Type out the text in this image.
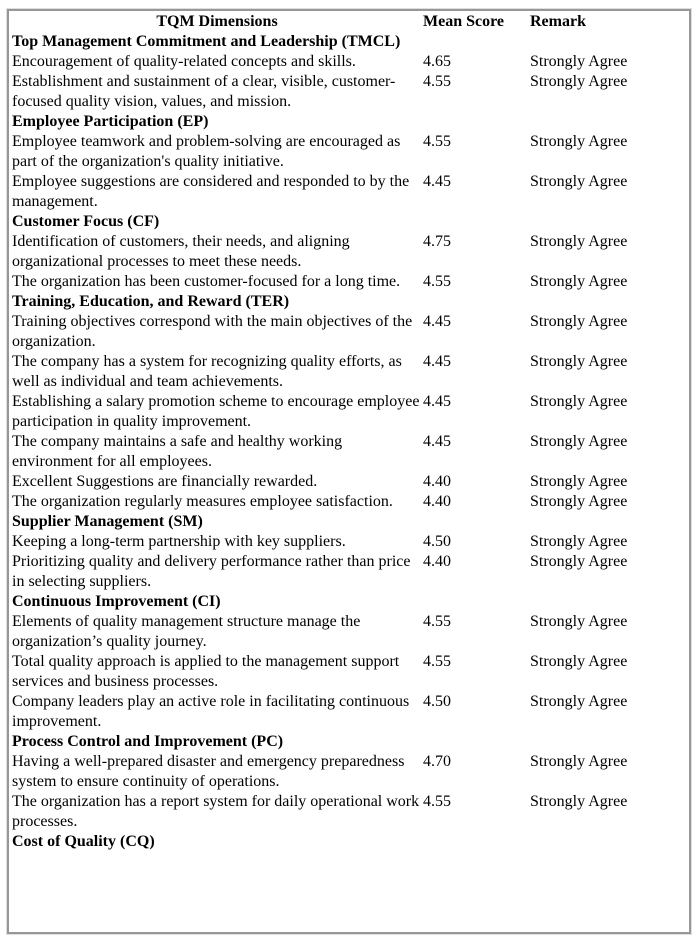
TQM Dimensions	Mean Score	Remark
Top Management Commitment and Leadership (TMCL)		
Encouragement of quality-related concepts and skills.	4.65	Strongly Agree
Establishment and sustainment of a clear, visible, customer-focused quality vision, values, and mission.	4.55	Strongly Agree
Employee Participation (EP)		
Employee teamwork and problem-solving are encouraged as part of the organization's quality initiative.	4.55	Strongly Agree
Employee suggestions are considered and responded to by the management.	4.45	Strongly Agree
Customer Focus (CF)		
Identification of customers, their needs, and aligning organizational processes to meet these needs.	4.75	Strongly Agree
The organization has been customer-focused for a long time.	4.55	Strongly Agree
Training, Education, and Reward (TER)		
Training objectives correspond with the main objectives of the organization.	4.45	Strongly Agree
The company has a system for recognizing quality efforts, as well as individual and team achievements.	4.45	Strongly Agree
Establishing a salary promotion scheme to encourage employee participation in quality improvement.	4.45	Strongly Agree
The company maintains a safe and healthy working environment for all employees.	4.45	Strongly Agree
Excellent Suggestions are financially rewarded.	4.40	Strongly Agree
The organization regularly measures employee satisfaction.	4.40	Strongly Agree
Supplier Management (SM)		
Keeping a long-term partnership with key suppliers.	4.50	Strongly Agree
Prioritizing quality and delivery performance rather than price in selecting suppliers.	4.40	Strongly Agree
Continuous Improvement (CI)		
Elements of quality management structure manage the organization’s quality journey.	4.55	Strongly Agree
Total quality approach is applied to the management support services and business processes.	4.55	Strongly Agree
Company leaders play an active role in facilitating continuous improvement.	4.50	Strongly Agree
Process Control and Improvement (PC)		
Having a well-prepared disaster and emergency preparedness system to ensure continuity of operations.	4.70	Strongly Agree
The organization has a report system for daily operational work processes.	4.55	Strongly Agree
Cost of Quality (CQ)		
